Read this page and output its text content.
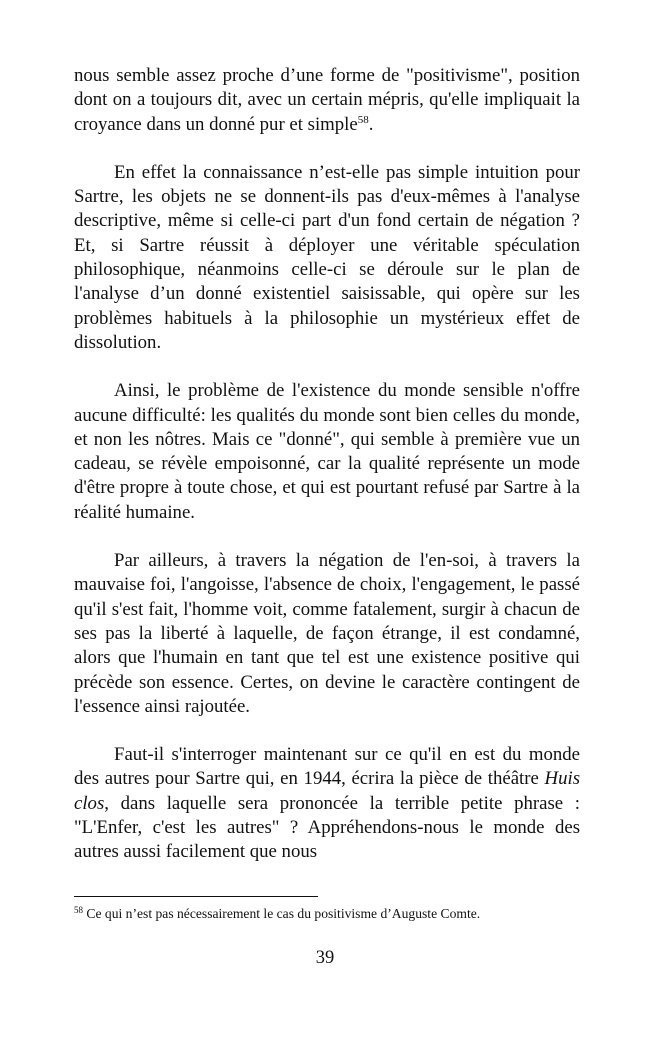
nous semble assez proche d’une forme de "positivisme", position dont on a toujours dit, avec un certain mépris, qu'elle impliquait la croyance dans un donné pur et simple$^{58}$.

En effet la connaissance n’est-elle pas simple intuition pour Sartre, les objets ne se donnent-ils pas d'eux-mêmes à l'analyse descriptive, même si celle-ci part d'un fond certain de négation ? Et, si Sartre réussit à déployer une véritable spéculation philosophique, néanmoins celle-ci se déroule sur le plan de l'analyse d’un donné existentiel saisissable, qui opère sur les problèmes habituels à la philosophie un mystérieux effet de dissolution.

Ainsi, le problème de l'existence du monde sensible n'offre aucune difficulté: les qualités du monde sont bien celles du monde, et non les nôtres. Mais ce "donné", qui semble à première vue un cadeau, se révèle empoisonné, car la qualité représente un mode d'être propre à toute chose, et qui est pourtant refusé par Sartre à la réalité humaine.

Par ailleurs, à travers la négation de l'en-soi, à travers la mauvaise foi, l'angoisse, l'absence de choix, l'engagement, le passé qu'il s'est fait, l'homme voit, comme fatalement, surgir à chacun de ses pas la liberté à laquelle, de façon étrange, il est condamné, alors que l'humain en tant que tel est une existence positive qui précède son essence. Certes, on devine le caractère contingent de l'essence ainsi rajoutée.

Faut-il s'interroger maintenant sur ce qu'il en est du monde des autres pour Sartre qui, en 1944, écrira la pièce de théâtre Huis clos, dans laquelle sera prononcée la terrible petite phrase : "L'Enfer, c'est les autres" ? Appréhendons-nous le monde des autres aussi facilement que nous

$^{58}$ Ce qui n’est pas nécessairement le cas du positivisme d’Auguste Comte.
39
